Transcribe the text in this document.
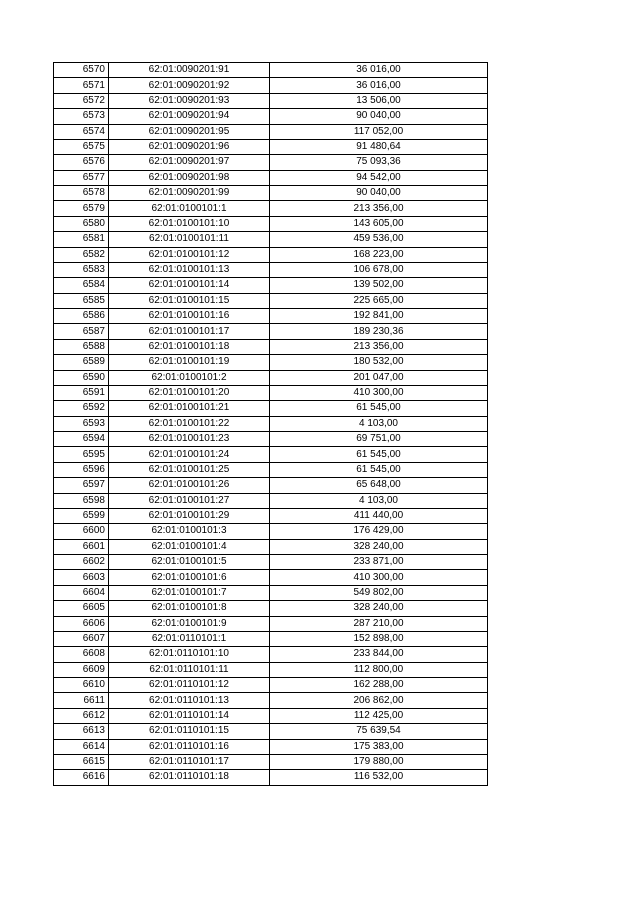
6570	62:01:0090201:91	36 016,00
6571	62:01:0090201:92	36 016,00
6572	62:01:0090201:93	13 506,00
6573	62:01:0090201:94	90 040,00
6574	62:01:0090201:95	117 052,00
6575	62:01:0090201:96	91 480,64
6576	62:01:0090201:97	75 093,36
6577	62:01:0090201:98	94 542,00
6578	62:01:0090201:99	90 040,00
6579	62:01:0100101:1	213 356,00
6580	62:01:0100101:10	143 605,00
6581	62:01:0100101:11	459 536,00
6582	62:01:0100101:12	168 223,00
6583	62:01:0100101:13	106 678,00
6584	62:01:0100101:14	139 502,00
6585	62:01:0100101:15	225 665,00
6586	62:01:0100101:16	192 841,00
6587	62:01:0100101:17	189 230,36
6588	62:01:0100101:18	213 356,00
6589	62:01:0100101:19	180 532,00
6590	62:01:0100101:2	201 047,00
6591	62:01:0100101:20	410 300,00
6592	62:01:0100101:21	61 545,00
6593	62:01:0100101:22	4 103,00
6594	62:01:0100101:23	69 751,00
6595	62:01:0100101:24	61 545,00
6596	62:01:0100101:25	61 545,00
6597	62:01:0100101:26	65 648,00
6598	62:01:0100101:27	4 103,00
6599	62:01:0100101:29	411 440,00
6600	62:01:0100101:3	176 429,00
6601	62:01:0100101:4	328 240,00
6602	62:01:0100101:5	233 871,00
6603	62:01:0100101:6	410 300,00
6604	62:01:0100101:7	549 802,00
6605	62:01:0100101:8	328 240,00
6606	62:01:0100101:9	287 210,00
6607	62:01:0110101:1	152 898,00
6608	62:01:0110101:10	233 844,00
6609	62:01:0110101:11	112 800,00
6610	62:01:0110101:12	162 288,00
6611	62:01:0110101:13	206 862,00
6612	62:01:0110101:14	112 425,00
6613	62:01:0110101:15	75 639,54
6614	62:01:0110101:16	175 383,00
6615	62:01:0110101:17	179 880,00
6616	62:01:0110101:18	116 532,00
